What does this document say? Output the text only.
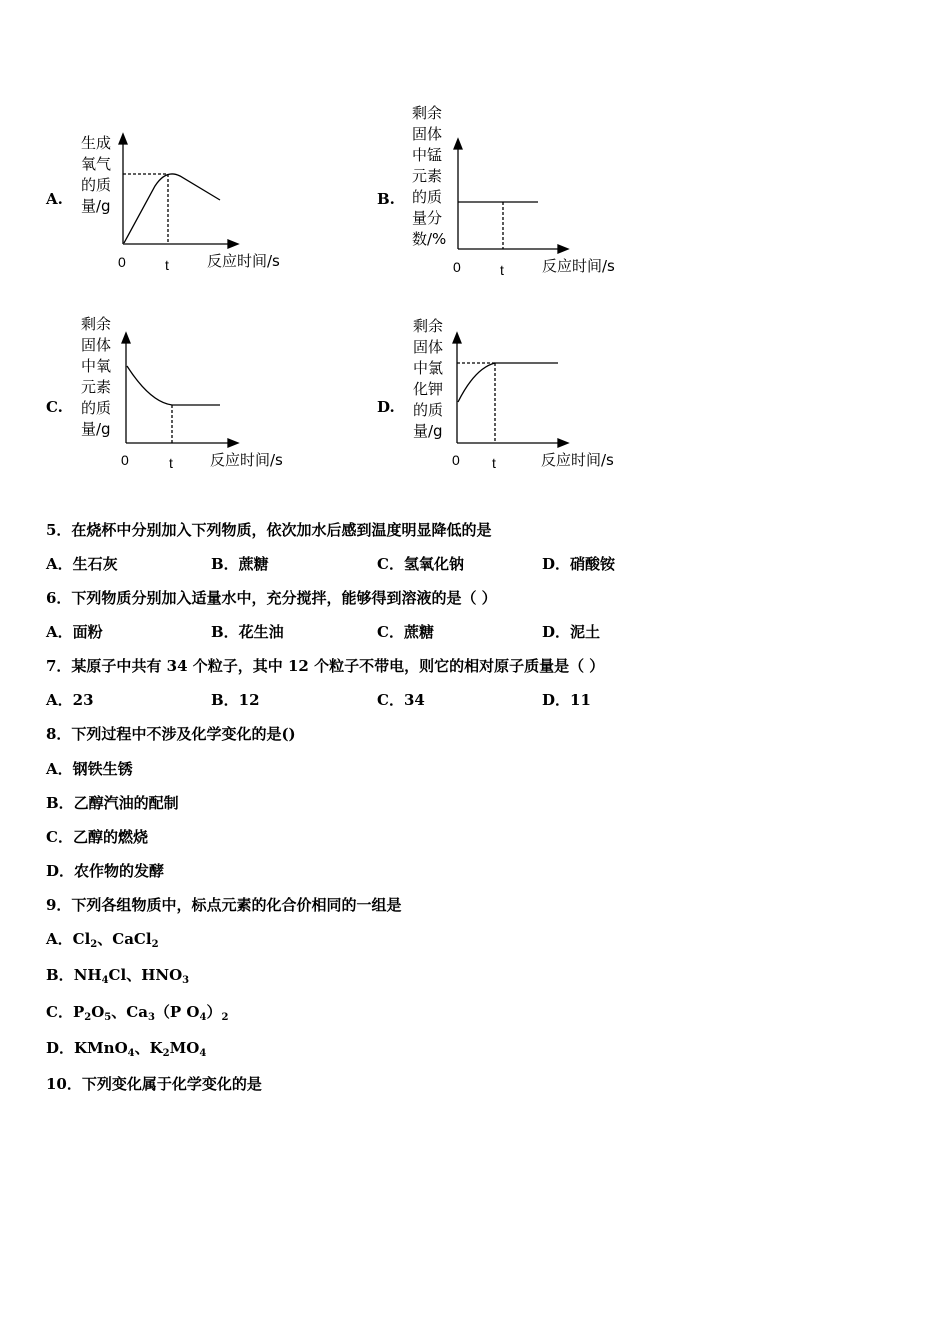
A.
生成
氧气
的质
量/g
0	t	反应时间/s
B.
剩余
固体
中锰
元素
的质
量分
数/%
0	t	反应时间/s
C.
剩余
固体
中氧
元素
的质
量/g
0	t 反应时间/s
D.
剩余
固体
中氯
化钾
的质
量/g
0 t	反应时间/s
5．在烧杯中分别加入下列物质，依次加水后感到温度明显降低的是
A．生石灰	B．蔗糖	C．氢氧化钠	D．硝酸铵
6．下列物质分别加入适量水中，充分搅拌，能够得到溶液的是（ ）
A．面粉	B．花生油	C．蔗糖	D．泥土
7．某原子中共有 34 个粒子，其中 12 个粒子不带电，则它的相对原子质量是（ ）
A．23	B．12	C．34	D．11
8．下列过程中不涉及化学变化的是()
A．钢铁生锈
B．乙醇汽油的配制
C．乙醇的燃烧
D．农作物的发酵
9．下列各组物质中，标点元素的化合价相同的一组是
A．$Cl_2$、CaCl$_2$
B．$NH_4Cl$、$HNO_3$
C．$P_2O_5$、$Ca_3(P$ $O_4)_2$
D．KMnO$_4$、$K_2MO_4$
10．下列变化属于化学变化的是
